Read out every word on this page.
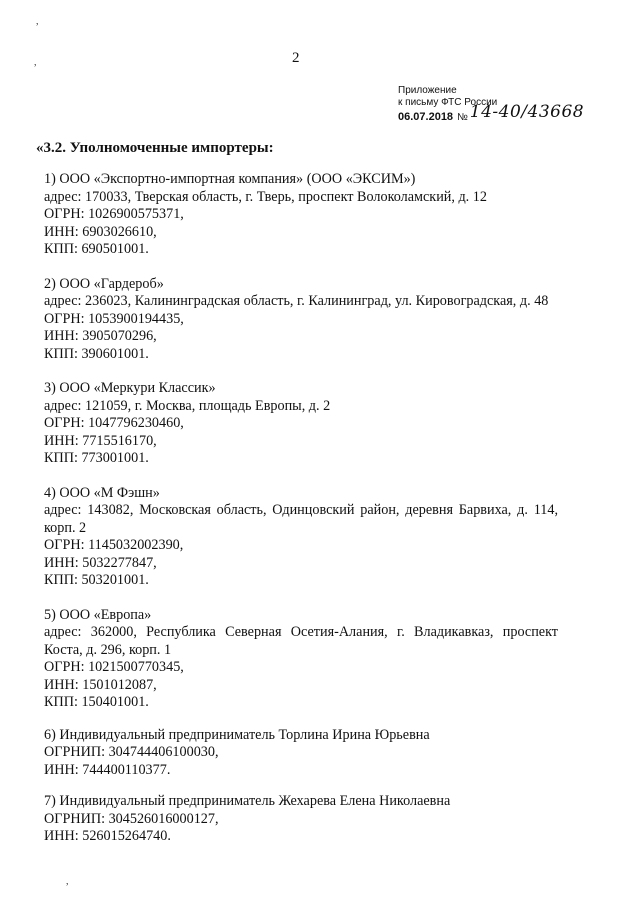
2
Приложение
к письму ФТС России
06.07.2018 № 14-40/43668
«3.2. Уполномоченные импортеры:
1) ООО «Экспортно-импортная компания» (ООО «ЭКСИМ»)
адрес: 170033, Тверская область, г. Тверь, проспект Волоколамский, д. 12
ОГРН: 1026900575371,
ИНН: 6903026610,
КПП: 690501001.
2) ООО «Гардероб»
адрес: 236023, Калининградская область, г. Калининград, ул. Кировоградская, д. 48
ОГРН: 1053900194435,
ИНН: 3905070296,
КПП: 390601001.
3) ООО «Меркури Классик»
адрес: 121059, г. Москва, площадь Европы, д. 2
ОГРН: 1047796230460,
ИНН: 7715516170,
КПП: 773001001.
4) ООО «М Фэшн»
адрес: 143082, Московская область, Одинцовский район, деревня Барвиха, д. 114, корп. 2
ОГРН: 1145032002390,
ИНН: 5032277847,
КПП: 503201001.
5) ООО «Европа»
адрес: 362000, Республика Северная Осетия-Алания, г. Владикавказ, проспект Коста, д. 296, корп. 1
ОГРН: 1021500770345,
ИНН: 1501012087,
КПП: 150401001.
6) Индивидуальный предприниматель Торлина Ирина Юрьевна
ОГРНИП: 304744406100030,
ИНН: 744400110377.
7) Индивидуальный предприниматель Жехарева Елена Николаевна
ОГРНИП: 304526016000127,
ИНН: 526015264740.
,
,
,
